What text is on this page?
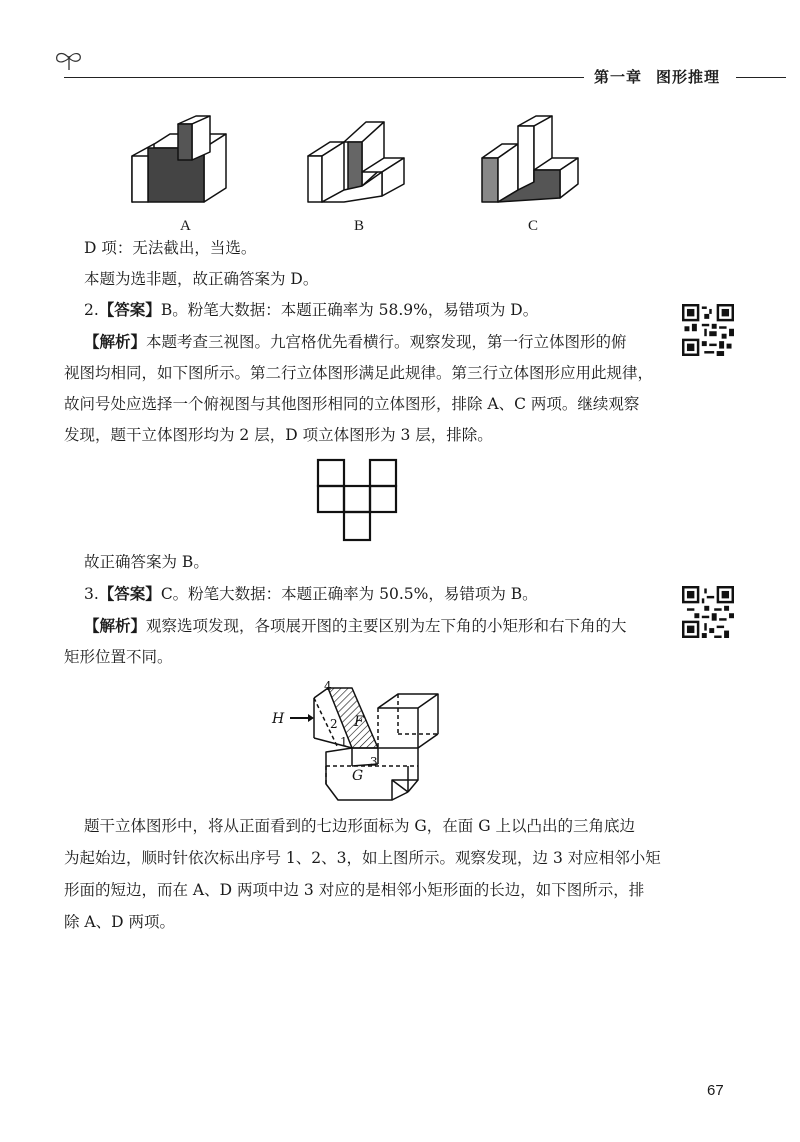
第一章 图形推理
A	B	C
D 项：无法截出，当选。
本题为选非题，故正确答案为 D。
2.【答案】B。粉笔大数据：本题正确率为 58.9%，易错项为 D。
【解析】本题考查三视图。九宫格优先看横行。观察发现，第一行立体图形的俯
视图均相同，如下图所示。第二行立体图形满足此规律。第三行立体图形应用此规律，
故问号处应选择一个俯视图与其他图形相同的立体图形，排除 A、C 两项。继续观察
发现，题干立体图形均为 2 层，D 项立体图形为 3 层，排除。
故正确答案为 B。
3.【答案】C。粉笔大数据：本题正确率为 50.5%，易错项为 B。
【解析】观察选项发现，各项展开图的主要区别为左下角的小矩形和右下角的大
矩形位置不同。
H	F
G
4
2
1
3
题干立体图形中，将从正面看到的七边形面标为 G，在面 G 上以凸出的三角底边
为起始边，顺时针依次标出序号 1、2、3，如上图所示。观察发现，边 3 对应相邻小矩
形面的短边，而在 A、D 两项中边 3 对应的是相邻小矩形面的长边，如下图所示，排
除 A、D 两项。
67
